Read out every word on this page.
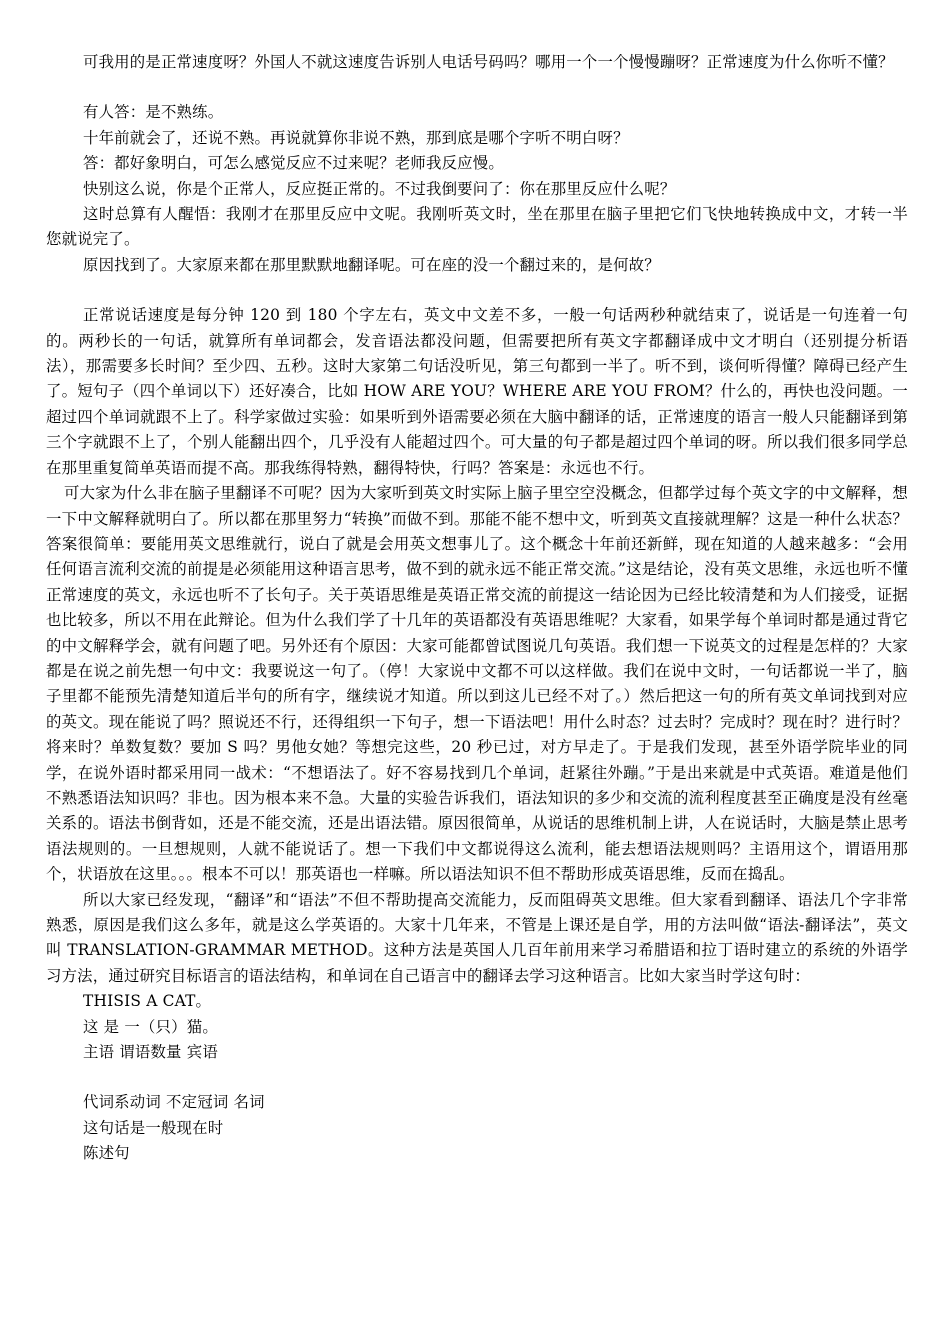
可我用的是正常速度呀？外国人不就这速度告诉别人电话号码吗？哪用一个一个慢慢蹦呀？正常速度为什么你听不懂？

有人答：是不熟练。

十年前就会了，还说不熟。再说就算你非说不熟，那到底是哪个字听不明白呀？

答：都好象明白，可怎么感觉反应不过来呢？老师我反应慢。

快别这么说，你是个正常人，反应挺正常的。不过我倒要问了：你在那里反应什么呢？

这时总算有人醒悟：我刚才在那里反应中文呢。我刚听英文时，坐在那里在脑子里把它们飞快地转换成中文，才转一半您就说完了。

原因找到了。大家原来都在那里默默地翻译呢。可在座的没一个翻过来的，是何故？

正常说话速度是每分钟 120 到 180 个字左右，英文中文差不多，一般一句话两秒种就结束了，说话是一句连着一句的。两秒长的一句话，就算所有单词都会，发音语法都没问题，但需要把所有英文字都翻译成中文才明白（还别提分析语法），那需要多长时间？至少四、五秒。这时大家第二句话没听见，第三句都到一半了。听不到，谈何听得懂？障碍已经产生了。短句子（四个单词以下）还好凑合，比如 HOW ARE YOU？WHERE ARE YOU FROM？什么的，再快也没问题。一超过四个单词就跟不上了。科学家做过实验：如果听到外语需要必须在大脑中翻译的话，正常速度的语言一般人只能翻译到第三个字就跟不上了，个别人能翻出四个，几乎没有人能超过四个。可大量的句子都是超过四个单词的呀。所以我们很多同学总在那里重复简单英语而提不高。那我练得特熟，翻得特快，行吗？答案是：永远也不行。

可大家为什么非在脑子里翻译不可呢？因为大家听到英文时实际上脑子里空空没概念，但都学过每个英文字的中文解释，想一下中文解释就明白了。所以都在那里努力“转换”而做不到。那能不能不想中文，听到英文直接就理解？这是一种什么状态？答案很简单：要能用英文思维就行，说白了就是会用英文想事儿了。这个概念十年前还新鲜，现在知道的人越来越多：“会用任何语言流利交流的前提是必须能用这种语言思考，做不到的就永远不能正常交流。”这是结论，没有英文思维，永远也听不懂正常速度的英文，永远也听不了长句子。关于英语思维是英语正常交流的前提这一结论因为已经比较清楚和为人们接受，证据也比较多，所以不用在此辩论。但为什么我们学了十几年的英语都没有英语思维呢？大家看，如果学每个单词时都是通过背它的中文解释学会，就有问题了吧。另外还有个原因：大家可能都曾试图说几句英语。我们想一下说英文的过程是怎样的？大家都是在说之前先想一句中文：我要说这一句了。（停！大家说中文都不可以这样做。我们在说中文时，一句话都说一半了，脑子里都不能预先清楚知道后半句的所有字，继续说才知道。所以到这儿已经不对了。）然后把这一句的所有英文单词找到对应的英文。现在能说了吗？照说还不行，还得组织一下句子，想一下语法吧！用什么时态？过去时？完成时？现在时？进行时？将来时？单数复数？要加 S 吗？男他女她？等想完这些，20 秒已过，对方早走了。于是我们发现，甚至外语学院毕业的同学，在说外语时都采用同一战术：“不想语法了。好不容易找到几个单词，赶紧往外蹦。”于是出来就是中式英语。难道是他们不熟悉语法知识吗？非也。因为根本来不急。大量的实验告诉我们，语法知识的多少和交流的流利程度甚至正确度是没有丝毫关系的。语法书倒背如，还是不能交流，还是出语法错。原因很简单，从说话的思维机制上讲，人在说话时，大脑是禁止思考语法规则的。一旦想规则，人就不能说话了。想一下我们中文都说得这么流利，能去想语法规则吗？主语用这个，谓语用那个，状语放在这里。。。根本不可以！那英语也一样嘛。所以语法知识不但不帮助形成英语思维，反而在捣乱。

所以大家已经发现，“翻译”和“语法”不但不帮助提高交流能力，反而阻碍英文思维。但大家看到翻译、语法几个字非常熟悉，原因是我们这么多年，就是这么学英语的。大家十几年来，不管是上课还是自学，用的方法叫做“语法-翻译法”，英文叫 TRANSLATION-GRAMMAR METHOD。这种方法是英国人几百年前用来学习希腊语和拉丁语时建立的系统的外语学习方法，通过研究目标语言的语法结构，和单词在自己语言中的翻译去学习这种语言。比如大家当时学这句时：

THISIS A CAT。

这 是 一（只）猫。

主语 谓语数量 宾语

代词系动词 不定冠词 名词

这句话是一般现在时

陈述句
